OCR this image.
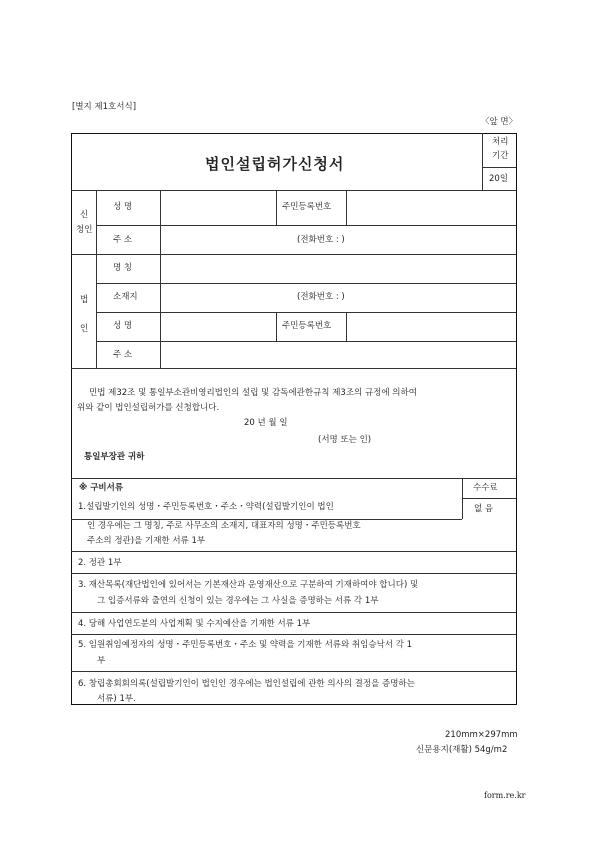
[별지 제1호서식]
〈앞 면〉
법인설립허가신청서
처리
기간
20일
신
청인
성 명	주민등록번호
주 소	(전화번호 : )
법
인
명 칭
소재지	(전화번호 : )
성 명	주민등록번호
주 소
민법 제32조 및 통일부소관비영리법인의 설립 및 감독에관한규칙 제3조의 규정에 의하여
위와 같이 법인설립허가를 신청합니다.
20 년 월 일
(서명 또는 인)
통일부장관 귀하
※ 구비서류	수수료
없 음
1.설립발기인의 성명・주민등록번호・주소・약력(설립발기인이 법인
인 경우에는 그 명칭, 주로 사무소의 소재지, 대표자의 성명・주민등록번호
주소의 정관)을 기재한 서류 1부
2. 정관 1부
3. 재산목록(재단법인에 있어서는 기본재산과 운영재산으로 구분하여 기재하여야 합니다) 및
그 입증서류와 출연의 신청이 있는 경우에는 그 사실을 증명하는 서류 각 1부
4. 당해 사업연도분의 사업계획 및 수지예산을 기재한 서류 1부
5. 임원취임예정자의 성명・주민등록번호・주소 및 약력을 기재한 서류와 취임승낙서 각 1
부
6. 창립총회회의록(설립발기인이 법인인 경우에는 법인설립에 관한 의사의 결정을 증명하는
서류) 1부.
210mm×297mm
신문용지(재활) 54g/m2
form.re.kr
